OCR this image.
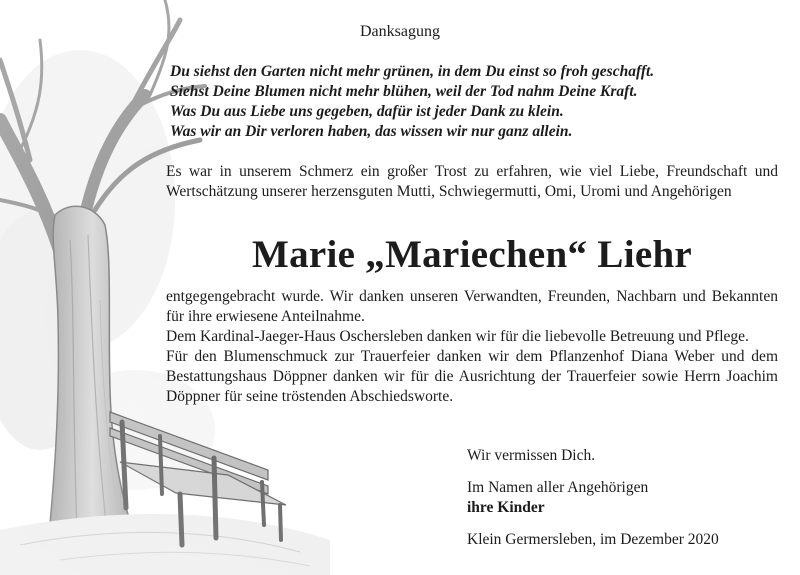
Danksagung
Du siehst den Garten nicht mehr grünen, in dem Du einst so froh geschafft.
Siehst Deine Blumen nicht mehr blühen, weil der Tod nahm Deine Kraft.
Was Du aus Liebe uns gegeben, dafür ist jeder Dank zu klein.
Was wir an Dir verloren haben, das wissen wir nur ganz allein.
Es war in unserem Schmerz ein großer Trost zu erfahren, wie viel Liebe, Freundschaft und Wertschätzung unserer herzensguten Mutti, Schwiegermutti, Omi, Uromi und Angehörigen
Marie „Mariechen“ Liehr

entgegengebracht wurde. Wir danken unseren Verwandten, Freunden, Nachbarn und Bekannten für ihre erwiesene Anteilnahme.

Dem Kardinal-Jaeger-Haus Oschersleben danken wir für die liebevolle Betreuung und Pflege.

Für den Blumenschmuck zur Trauerfeier danken wir dem Pflanzenhof Diana Weber und dem Bestattungshaus Döppner danken wir für die Ausrichtung der Trauerfeier sowie Herrn Joachim Döppner für seine tröstenden Abschiedsworte.

Wir vermissen Dich.
Im Namen aller Angehörigen
ihre Kinder
Klein Germersleben, im Dezember 2020
